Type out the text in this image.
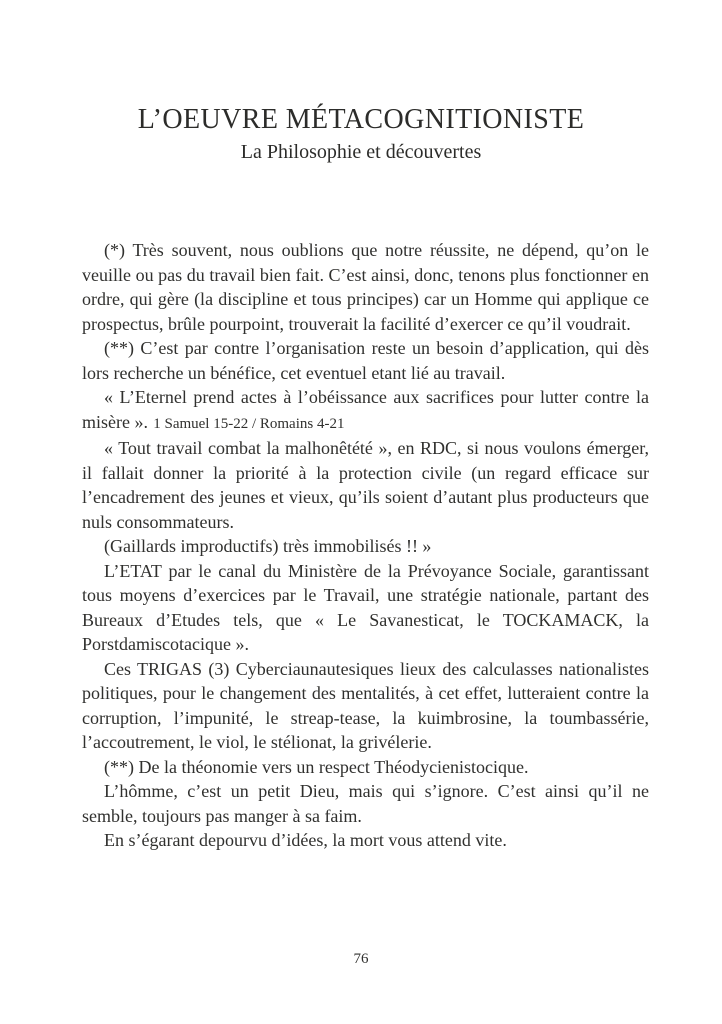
L’OEUVRE MÉTACOGNITIONISTE
La Philosophie et découvertes

(*) Très souvent, nous oublions que notre réussite, ne dépend, qu’on le veuille ou pas du travail bien fait. C’est ainsi, donc, tenons plus fonctionner en ordre, qui gère (la discipline et tous principes) car un Homme qui applique ce prospectus, brûle pourpoint, trouverait la facilité d’exercer ce qu’il voudrait.

(**) C’est par contre l’organisation reste un besoin d’application, qui dès lors recherche un bénéfice, cet eventuel etant lié au travail.

« L’Eternel prend actes à l’obéissance aux sacrifices pour lutter contre la misère ». 1 Samuel 15-22 / Romains 4-21

« Tout travail combat la malhonêtété », en RDC, si nous voulons émerger, il fallait donner la priorité à la protection civile (un regard efficace sur l’encadrement des jeunes et vieux, qu’ils soient d’autant plus producteurs que nuls consommateurs.

(Gaillards improductifs) très immobilisés !! »

L’ETAT par le canal du Ministère de la Prévoyance Sociale, garantissant tous moyens d’exercices par le Travail, une stratégie nationale, partant des Bureaux d’Etudes tels, que « Le Savanesticat, le TOCKAMACK, la Porstdamiscotacique ».

Ces TRIGAS (3) Cyberciaunautesiques lieux des calculasses nationalistes politiques, pour le changement des mentalités, à cet effet, lutteraient contre la corruption, l’impunité, le streap-tease, la kuimbrosine, la toumbassérie, l’accoutrement, le viol, le stélionat, la grivélerie.

(**) De la théonomie vers un respect Théodycienistocique.

L’hômme, c’est un petit Dieu, mais qui s’ignore. C’est ainsi qu’il ne semble, toujours pas manger à sa faim.

En s’égarant depourvu d’idées, la mort vous attend vite.

76
